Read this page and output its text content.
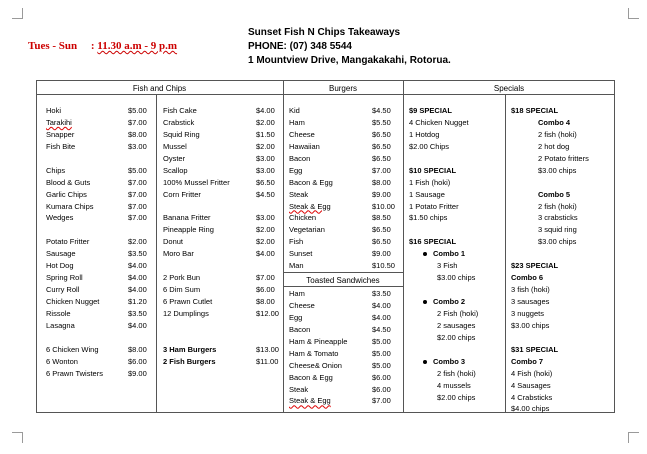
Tues - Sun : 11.30 a.m - 9 p.m
Sunset Fish N Chips Takeaways
PHONE: (07) 348 5544
1 Mountview Drive, Mangakakahi, Rotorua.
Fish and Chips	Burgers	Specials
Toasted Sandwiches
Hoki
Tarakihi
Snapper
Fish Bite
Chips
Blood & Guts
Garlic Chips
Kumara Chips
Wedges
Potato Fritter
Sausage
Hot Dog
Spring Roll
Curry Roll
Chicken Nugget
Rissole
Lasagna
6 Chicken Wing
6 Wonton
6 Prawn Twisters
$5.00
$7.00
$8.00
$3.00
$5.00
$7.00
$7.00
$7.00
$7.00
$2.00
$3.50
$4.00
$4.00
$4.00
$1.20
$3.50
$4.00
$8.00
$6.00
$9.00
Fish Cake
Crabstick
Squid Ring
Mussel
Oyster
Scallop
100% Mussel Fritter
Corn Fritter
Banana Fritter
Pineapple Ring
Donut
Moro Bar
2 Pork Bun
6 Dim Sum
6 Prawn Cutlet
12 Dumplings
3 Ham Burgers
2 Fish Burgers
$4.00
$2.00
$1.50
$2.00
$3.00
$3.00
$6.50
$4.50
$3.00
$2.00
$2.00
$4.00
$7.00
$6.00
$8.00
$12.00
$13.00
$11.00
Kid
Ham
Cheese
Hawaiian
Bacon
Egg
Bacon & Egg
Steak
Steak & Egg
Chicken
Vegetarian
Fish
Sunset
Man
$4.50
$5.50
$6.50
$6.50
$6.50
$7.00
$8.00
$9.00
$10.00
$8.50
$6.50
$6.50
$9.00
$10.50
Ham
Cheese
Egg
Bacon
Ham & Pineapple
Ham & Tomato
Cheese& Onion
Bacon & Egg
Steak
Steak & Egg
$3.50
$4.00
$4.00
$4.50
$5.00
$5.00
$5.00
$6.00
$6.00
$7.00
$9 SPECIAL
4 Chicken Nugget
1 Hotdog
$2.00 Chips
$10 SPECIAL
1 Fish (hoki)
1 Sausage
1 Potato Fritter
$1.50 chips
$16 SPECIAL
Combo 1
3 Fish
$3.00 chips
Combo 2
2 Fish (hoki)
2 sausages
$2.00 chips
Combo 3
2 fish (hoki)
4 mussels
$2.00 chips
$18 SPECIAL
Combo 4
2 fish (hoki)
2 hot dog
2 Potato fritters
$3.00 chips
Combo 5
2 fish (hoki)
3 crabsticks
3 squid ring
$3.00 chips
$23 SPECIAL
Combo 6
3 fish (hoki)
3 sausages
3 nuggets
$3.00 chips
$31 SPECIAL
Combo 7
4 Fish (hoki)
4 Sausages
4 Crabsticks
$4.00 chips
